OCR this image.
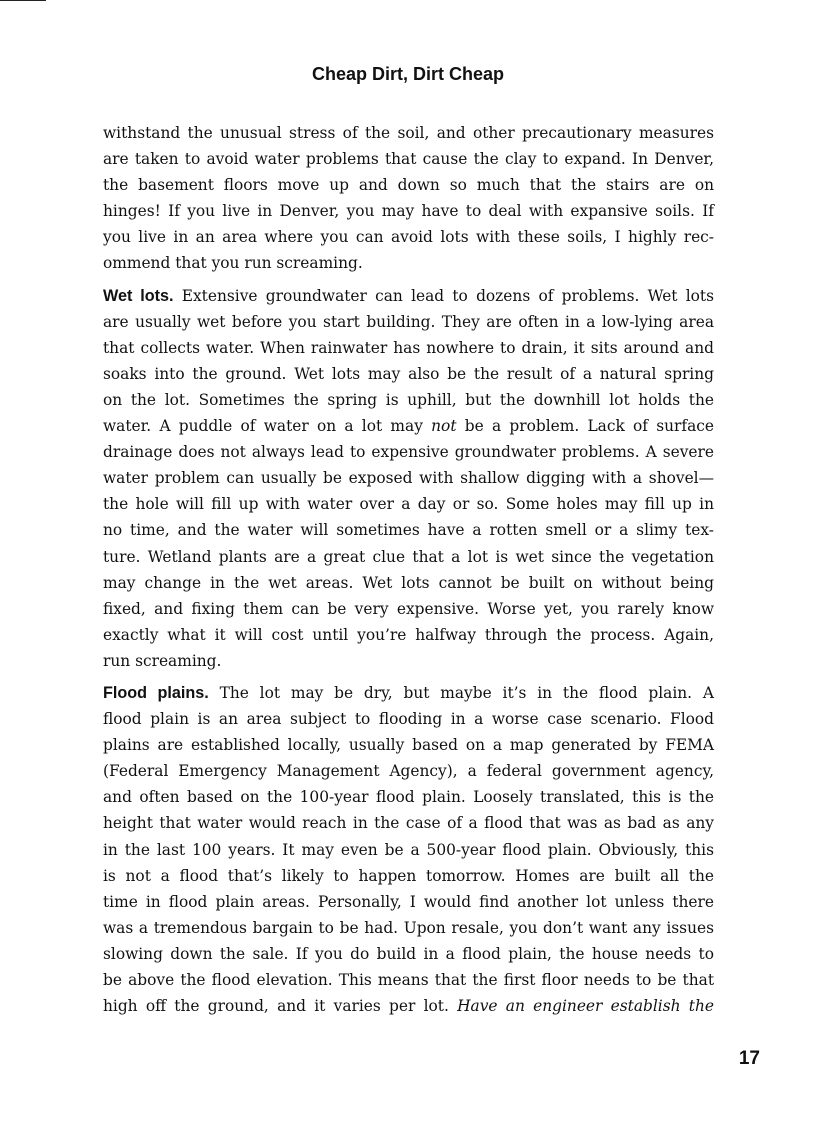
Cheap Dirt, Dirt Cheap
withstand the unusual stress of the soil, and other precautionary measures
are taken to avoid water problems that cause the clay to expand. In Denver,
the basement floors move up and down so much that the stairs are on
hinges! If you live in Denver, you may have to deal with expansive soils. If
you live in an area where you can avoid lots with these soils, I highly rec-
ommend that you run screaming.
Wet lots. Extensive groundwater can lead to dozens of problems. Wet lots
are usually wet before you start building. They are often in a low-lying area
that collects water. When rainwater has nowhere to drain, it sits around and
soaks into the ground. Wet lots may also be the result of a natural spring
on the lot. Sometimes the spring is uphill, but the downhill lot holds the
water. A puddle of water on a lot may not be a problem. Lack of surface
drainage does not always lead to expensive groundwater problems. A severe
water problem can usually be exposed with shallow digging with a shovel—
the hole will fill up with water over a day or so. Some holes may fill up in
no time, and the water will sometimes have a rotten smell or a slimy tex-
ture. Wetland plants are a great clue that a lot is wet since the vegetation
may change in the wet areas. Wet lots cannot be built on without being
fixed, and fixing them can be very expensive. Worse yet, you rarely know
exactly what it will cost until you’re halfway through the process. Again,
run screaming.
Flood plains. The lot may be dry, but maybe it’s in the flood plain. A
flood plain is an area subject to flooding in a worse case scenario. Flood
plains are established locally, usually based on a map generated by FEMA
(Federal Emergency Management Agency), a federal government agency,
and often based on the 100-year flood plain. Loosely translated, this is the
height that water would reach in the case of a flood that was as bad as any
in the last 100 years. It may even be a 500-year flood plain. Obviously, this
is not a flood that’s likely to happen tomorrow. Homes are built all the
time in flood plain areas. Personally, I would find another lot unless there
was a tremendous bargain to be had. Upon resale, you don’t want any issues
slowing down the sale. If you do build in a flood plain, the house needs to
be above the flood elevation. This means that the first floor needs to be that
high off the ground, and it varies per lot. Have an engineer establish the
17
